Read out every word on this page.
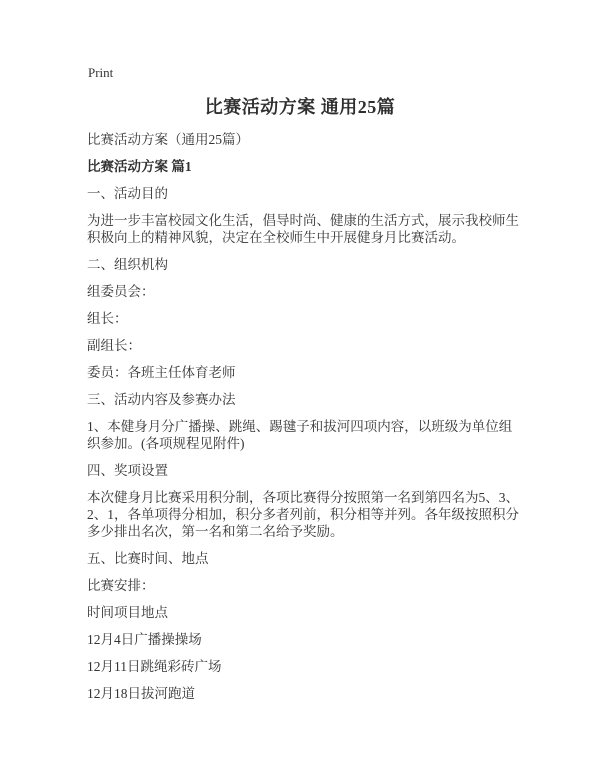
Print
比赛活动方案 通用25篇

比赛活动方案（通用25篇）

比赛活动方案 篇1

一、活动目的

为进一步丰富校园文化生活，倡导时尚、健康的生活方式，展示我校师生积极向上的精神风貌，决定在全校师生中开展健身月比赛活动。

二、组织机构

组委员会：

组长：

副组长：

委员：各班主任体育老师

三、活动内容及参赛办法

1、本健身月分广播操、跳绳、踢毽子和拔河四项内容，以班级为单位组织参加。(各项规程见附件)

四、奖项设置

本次健身月比赛采用积分制，各项比赛得分按照第一名到第四名为5、3、2、1，各单项得分相加，积分多者列前，积分相等并列。各年级按照积分多少排出名次，第一名和第二名给予奖励。

五、比赛时间、地点

比赛安排：

时间项目地点

12月4日广播操操场

12月11日跳绳彩砖广场

12月18日拔河跑道
